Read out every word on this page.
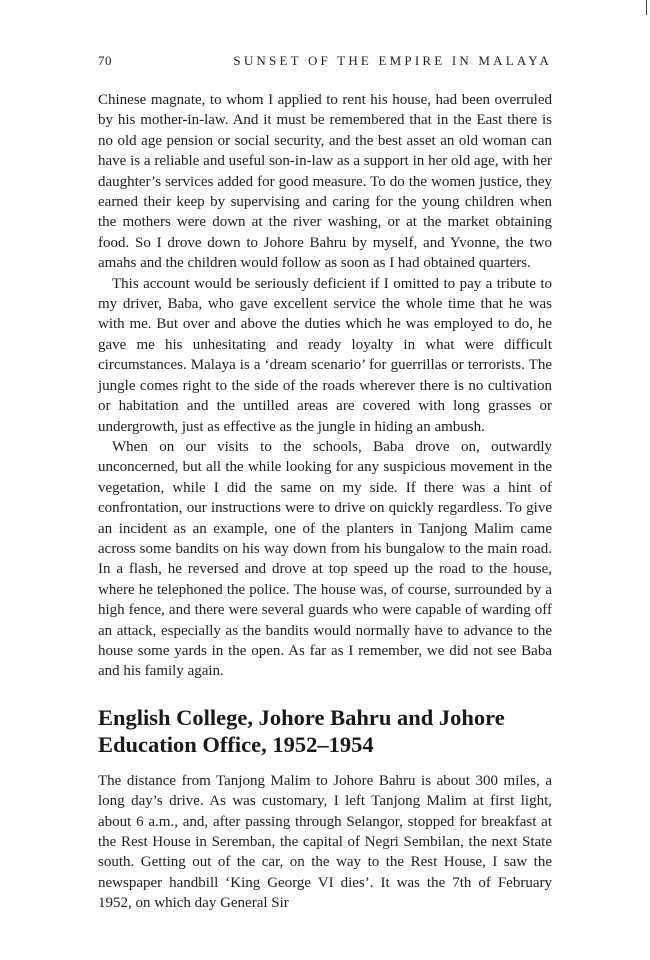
70	SUNSET OF THE EMPIRE IN MALAYA

Chinese magnate, to whom I applied to rent his house, had been overruled by his mother-in-law. And it must be remembered that in the East there is no old age pension or social security, and the best asset an old woman can have is a reliable and useful son-in-law as a support in her old age, with her daughter’s services added for good measure. To do the women justice, they earned their keep by supervising and caring for the young children when the mothers were down at the river washing, or at the market obtaining food. So I drove down to Johore Bahru by myself, and Yvonne, the two amahs and the children would follow as soon as I had obtained quarters.

This account would be seriously deficient if I omitted to pay a tribute to my driver, Baba, who gave excellent service the whole time that he was with me. But over and above the duties which he was employed to do, he gave me his unhesitating and ready loyalty in what were difficult circumstances. Malaya is a ‘dream scenario’ for guerrillas or terrorists. The jungle comes right to the side of the roads wherever there is no cultivation or habitation and the untilled areas are covered with long grasses or undergrowth, just as effective as the jungle in hiding an ambush.

When on our visits to the schools, Baba drove on, outwardly unconcerned, but all the while looking for any suspicious movement in the vegetation, while I did the same on my side. If there was a hint of confrontation, our instructions were to drive on quickly regardless. To give an incident as an example, one of the planters in Tanjong Malim came across some bandits on his way down from his bungalow to the main road. In a flash, he reversed and drove at top speed up the road to the house, where he telephoned the police. The house was, of course, surrounded by a high fence, and there were several guards who were capable of warding off an attack, especially as the bandits would normally have to advance to the house some yards in the open. As far as I remember, we did not see Baba and his family again.

English College, Johore Bahru and Johore Education Office, 1952–1954

The distance from Tanjong Malim to Johore Bahru is about 300 miles, a long day’s drive. As was customary, I left Tanjong Malim at first light, about 6 a.m., and, after passing through Selangor, stopped for breakfast at the Rest House in Seremban, the capital of Negri Sembilan, the next State south. Getting out of the car, on the way to the Rest House, I saw the newspaper handbill ‘King George VI dies’. It was the 7th of February 1952, on which day General Sir
